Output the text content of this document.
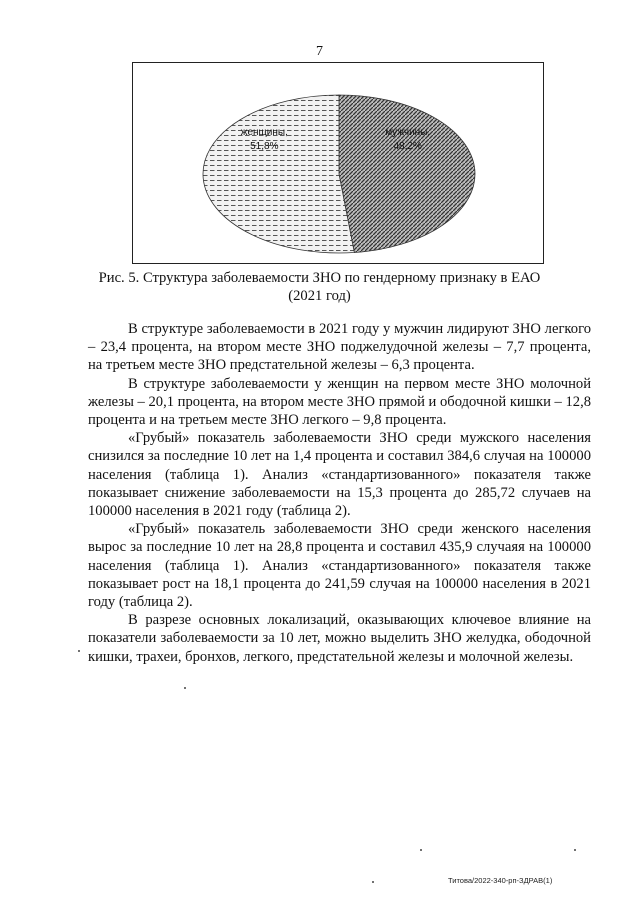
7
мужчины,
48,2%
женщины,
51,8%
Рис. 5. Структура заболеваемости ЗНО по гендерному признаку в ЕАО
(2021 год)

В структуре заболеваемости в 2021 году у мужчин лидируют ЗНО легкого – 23,4 процента, на втором месте ЗНО поджелудочной железы – 7,7 процента, на третьем месте ЗНО предстательной железы – 6,3 процента.

В структуре заболеваемости у женщин на первом месте ЗНО молочной железы – 20,1 процента, на втором месте ЗНО прямой и ободочной кишки – 12,8 процента и на третьем месте ЗНО легкого – 9,8 процента.

«Грубый» показатель заболеваемости ЗНО среди мужского населения снизился за последние 10 лет на 1,4 процента и составил 384,6 случая на 100000 населения (таблица 1). Анализ «стандартизованного» показателя также показывает снижение заболеваемости на 15,3 процента до 285,72 случаев на 100000 населения в 2021 году (таблица 2).

«Грубый» показатель заболеваемости ЗНО среди женского населения вырос за последние 10 лет на 28,8 процента и составил 435,9 случаяя на 100000 населения (таблица 1). Анализ «стандартизованного» показателя также показывает рост на 18,1 процента до 241,59 случая на 100000 населения в 2021 году (таблица 2).

В разрезе основных локализаций, оказывающих ключевое влияние на показатели заболеваемости за 10 лет, можно выделить ЗНО желудка, ободочной кишки, трахеи, бронхов, легкого, предстательной железы и молочной железы.

Титова/2022-340-рп-ЗДРАВ(1)
